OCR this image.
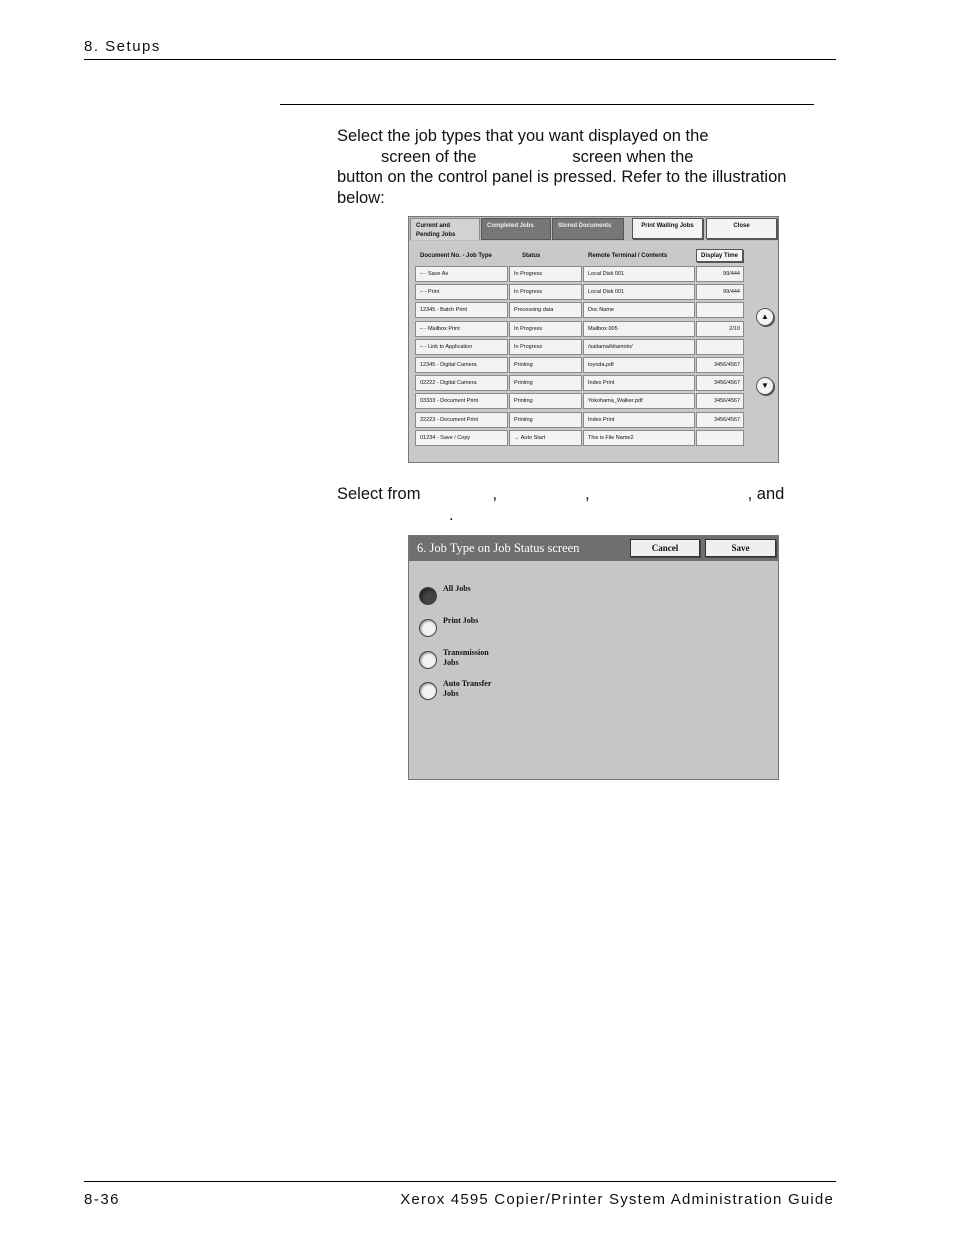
8. Setups
Select the job types that you want displayed on the
screen of the	screen when the
button on the control panel is pressed. Refer to the illustration
below:
Current and Pending Jobs
Completed Jobs	Stored Documents	Print Waiting Jobs	Close
Document No. - Job Type	Status	Remote Terminal / Contents	Display Time
– - Save As	In Progress	Local Disk 001	99/444
– - Print	In Progress	Local Disk 001	99/444
12345 - Batch Print	Processing data	Doc Name
– - Mailbox Print	In Progress	Mailbox 005	2/10
– - Link to Application	In Progress	/saitama/kitamoto/
12345 - Digital Camera	Printing	toyoda.pdf	3456/4567
02222 - Digital Camera	Printing	Index Print	3456/4567
03333 - Document Print	Printing	Yokohama_Walker.pdf	3456/4567
22223 - Document Print	Printing	Index Print	3456/4567
01234 - Save / Copy	→ Auto Start	This is File Name2
▲
▼
Select from	,	,	, and
.
6. Job Type on Job Status screen	Cancel	Save
All Jobs
Print Jobs
Transmission Jobs
Auto Transfer Jobs
8-36	Xerox 4595 Copier/Printer System Administration Guide
